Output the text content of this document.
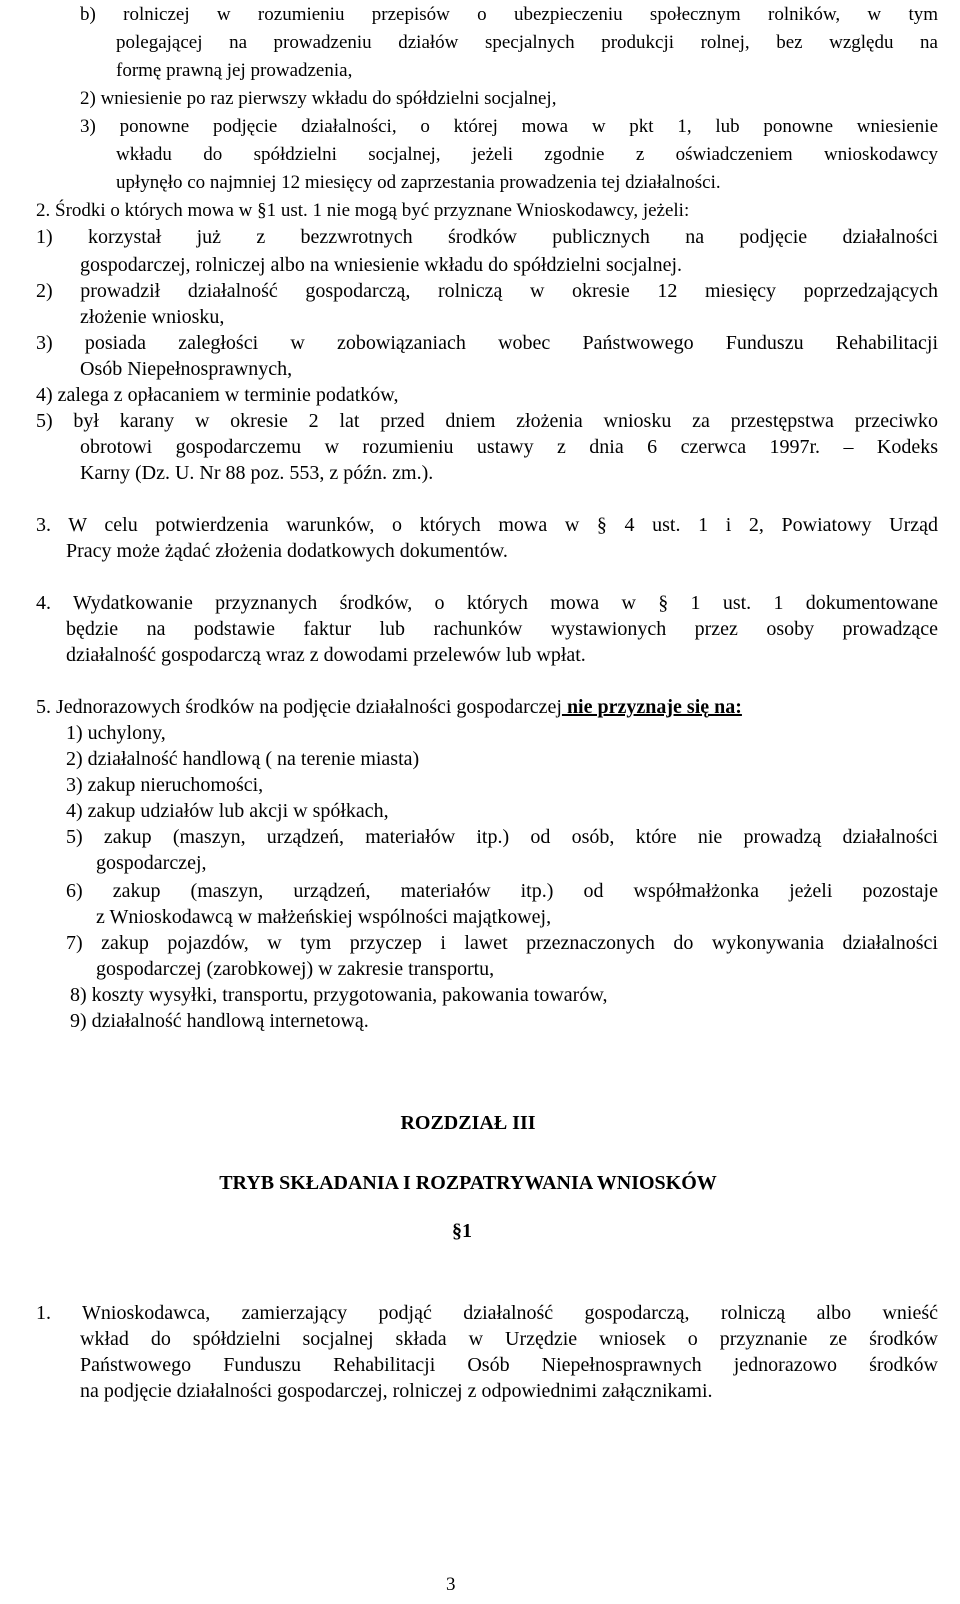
b) rolniczej w rozumieniu przepisów o ubezpieczeniu społecznym rolników, w tym
polegającej na prowadzeniu działów specjalnych produkcji rolnej, bez względu na
formę prawną jej prowadzenia,
2) wniesienie po raz pierwszy wkładu do spółdzielni socjalnej,
3) ponowne podjęcie działalności, o której mowa w pkt 1, lub ponowne wniesienie
wkładu do spółdzielni socjalnej, jeżeli zgodnie z oświadczeniem wnioskodawcy
upłynęło co najmniej 12 miesięcy od zaprzestania prowadzenia tej działalności.
2. Środki o których mowa w §1 ust. 1 nie mogą być przyznane Wnioskodawcy, jeżeli:
1) korzystał już z bezzwrotnych środków publicznych na podjęcie działalności
gospodarczej, rolniczej albo na wniesienie wkładu do spółdzielni socjalnej.
2) prowadził działalność gospodarczą, rolniczą w okresie 12 miesięcy poprzedzających
złożenie wniosku,
3) posiada zaległości w zobowiązaniach wobec Państwowego Funduszu Rehabilitacji
Osób Niepełnosprawnych,
4) zalega z opłacaniem w terminie podatków,
5) był karany w okresie 2 lat przed dniem złożenia wniosku za przestępstwa przeciwko
obrotowi gospodarczemu w rozumieniu ustawy z dnia 6 czerwca 1997r. – Kodeks
Karny (Dz. U. Nr 88 poz. 553, z późn. zm.).
3. W celu potwierdzenia warunków, o których mowa w § 4 ust. 1 i 2, Powiatowy Urząd
Pracy może żądać złożenia dodatkowych dokumentów.
4. Wydatkowanie przyznanych środków, o których mowa w § 1 ust. 1 dokumentowane
będzie na podstawie faktur lub rachunków wystawionych przez osoby prowadzące
działalność gospodarczą wraz z dowodami przelewów lub wpłat.
5. Jednorazowych środków na podjęcie działalności gospodarczej nie przyznaje się na:
1) uchylony,
2) działalność handlową ( na terenie miasta)
3) zakup nieruchomości,
4) zakup udziałów lub akcji w spółkach,
5) zakup (maszyn, urządzeń, materiałów itp.) od osób, które nie prowadzą działalności
gospodarczej,
6) zakup (maszyn, urządzeń, materiałów itp.) od współmałżonka jeżeli pozostaje
z Wnioskodawcą w małżeńskiej wspólności majątkowej,
7) zakup pojazdów, w tym przyczep i lawet przeznaczonych do wykonywania działalności
gospodarczej (zarobkowej) w zakresie transportu,
8) koszty wysyłki, transportu, przygotowania, pakowania towarów,
9) działalność handlową internetową.
ROZDZIAŁ III
TRYB SKŁADANIA I ROZPATRYWANIA WNIOSKÓW
§1
1. Wnioskodawca, zamierzający podjąć działalność gospodarczą, rolniczą albo wnieść
wkład do spółdzielni socjalnej składa w Urzędzie wniosek o przyznanie ze środków
Państwowego Funduszu Rehabilitacji Osób Niepełnosprawnych jednorazowo środków
na podjęcie działalności gospodarczej, rolniczej z odpowiednimi załącznikami.
3
